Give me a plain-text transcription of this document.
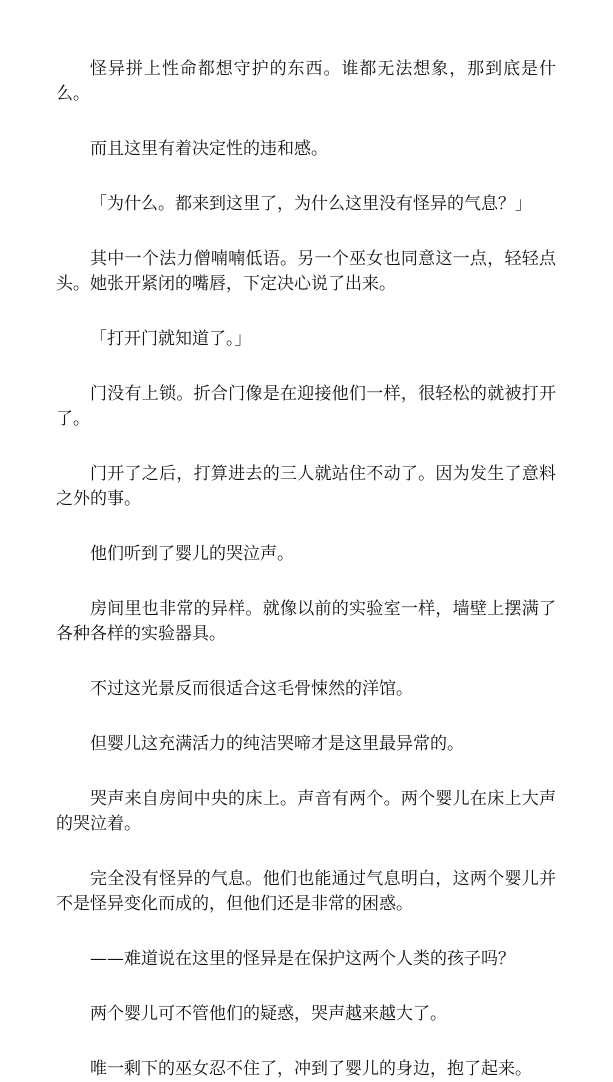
怪异拼上性命都想守护的东西。谁都无法想象，那到底是什么。

而且这里有着决定性的违和感。

「为什么。都来到这里了，为什么这里没有怪异的气息？」

其中一个法力僧喃喃低语。另一个巫女也同意这一点，轻轻点头。她张开紧闭的嘴唇，下定决心说了出来。

「打开门就知道了。」

门没有上锁。折合门像是在迎接他们一样，很轻松的就被打开了。

门开了之后，打算进去的三人就站住不动了。因为发生了意料之外的事。

他们听到了婴儿的哭泣声。

房间里也非常的异样。就像以前的实验室一样，墙壁上摆满了各种各样的实验器具。

不过这光景反而很适合这毛骨悚然的洋馆。

但婴儿这充满活力的纯洁哭啼才是这里最异常的。

哭声来自房间中央的床上。声音有两个。两个婴儿在床上大声的哭泣着。

完全没有怪异的气息。他们也能通过气息明白，这两个婴儿并不是怪异变化而成的，但他们还是非常的困惑。

——难道说在这里的怪异是在保护这两个人类的孩子吗？

两个婴儿可不管他们的疑惑，哭声越来越大了。

唯一剩下的巫女忍不住了，冲到了婴儿的身边，抱了起来。
